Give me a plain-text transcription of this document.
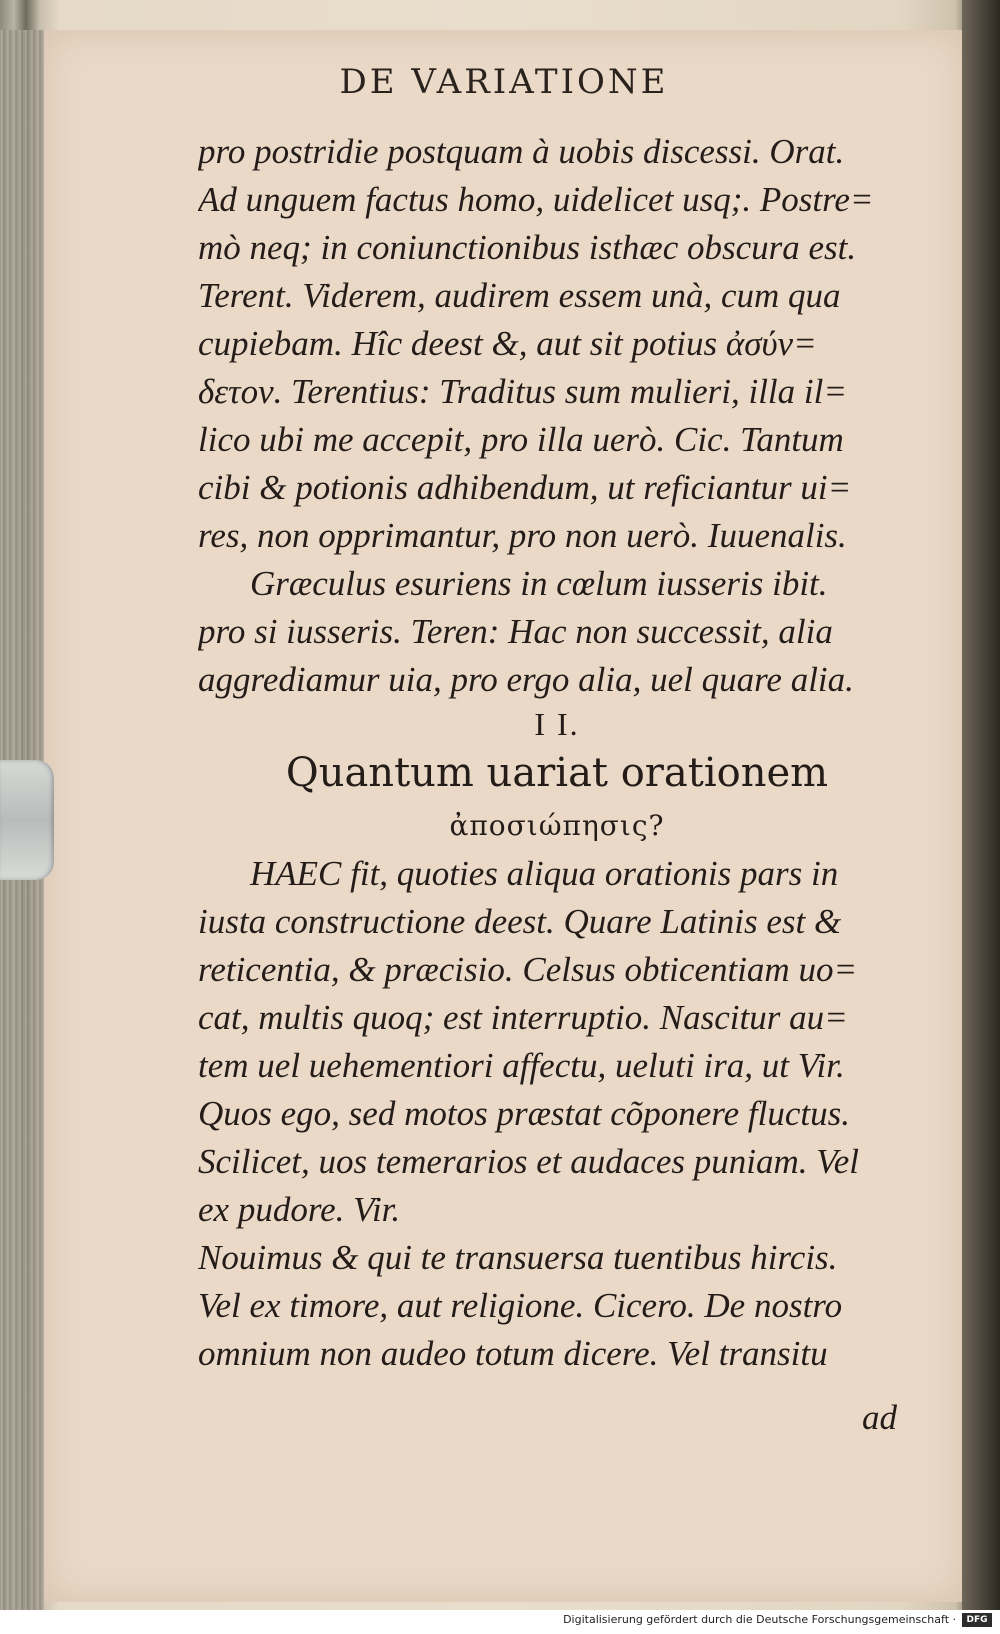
DE VARIATIONE
pro postridie postquam à uobis discessi. Orat.
Ad unguem factus homo, uidelicet usq;. Postre=
mò neq; in coniunctionibus isthæc obscura est.
Terent. Viderem, audirem essem unà, cum qua
cupiebam. Hîc deest &, aut sit potius ἀσύν=
δετον. Terentius: Traditus sum mulieri, illa il=
lico ubi me accepit, pro illa uerò. Cic. Tantum
cibi & potionis adhibendum, ut reficiantur ui=
res, non opprimantur, pro non uerò. Iuuenalis.
Græculus esuriens in cœlum iusseris ibit.
pro si iusseris. Teren: Hac non successit, alia
aggrediamur uia, pro ergo alia, uel quare alia.
I I.
Quantum uariat orationem
ἀποσιώπησις?
HAEC fit, quoties aliqua orationis pars in
iusta constructione deest. Quare Latinis est &
reticentia, & præcisio. Celsus obticentiam uo=
cat, multis quoq; est interruptio. Nascitur au=
tem uel uehementiori affectu, ueluti ira, ut Vir.
Quos ego, sed motos præstat cõponere fluctus.
Scilicet, uos temerarios et audaces puniam. Vel
ex pudore. Vir.
Nouimus & qui te transuersa tuentibus hircis.
Vel ex timore, aut religione. Cicero. De nostro
omnium non audeo totum dicere. Vel transitu
ad
Digitalisierung gefördert durch die Deutsche Forschungsgemeinschaft ·	DFG
